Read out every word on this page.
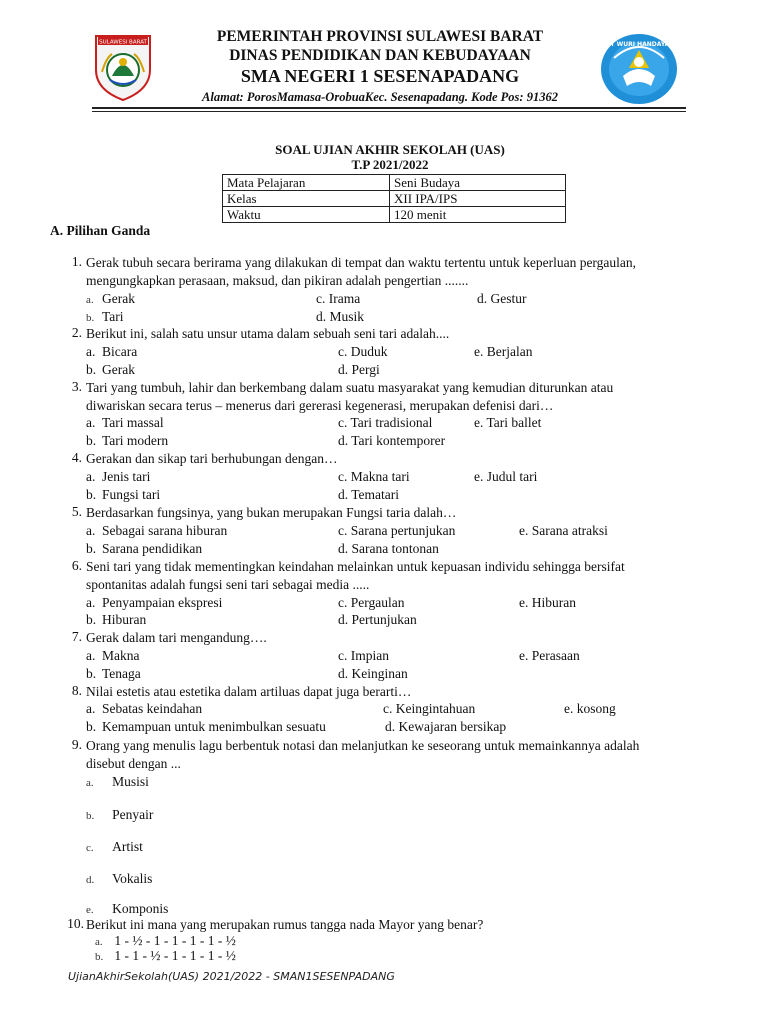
SULAWESI BARAT	TUT WURI HANDAYANI
PEMERINTAH PROVINSI SULAWESI BARAT
DINAS PENDIDIKAN DAN KEBUDAYAAN
SMA NEGERI 1 SESENAPADANG
Alamat: PorosMamasa-OrobuaKec. Sesenapadang. Kode Pos: 91362
SOAL UJIAN AKHIR SEKOLAH (UAS)
T.P 2021/2022
Mata Pelajaran	Seni Budaya
Kelas	XII IPA/IPS
Waktu	120 menit
A. Pilihan Ganda
1. Gerak tubuh secara berirama yang dilakukan di tempat dan waktu tertentu untuk keperluan pergaulan,
mengungkapkan perasaan, maksud, dan pikiran adalah pengertian .......
a. Gerak
b. Tari
c. Irama
d. Musik
d. Gestur
2. Berikut ini, salah satu unsur utama dalam sebuah seni tari adalah....
a. Bicara
b. Gerak
c. Duduk
d. Pergi
e. Berjalan
3. Tari yang tumbuh, lahir dan berkembang dalam suatu masyarakat yang kemudian diturunkan atau
diwariskan secara terus – menerus dari gererasi kegenerasi, merupakan defenisi dari…
a. Tari massal
b. Tari modern
c. Tari tradisional
d. Tari kontemporer
e. Tari ballet
4. Gerakan dan sikap tari berhubungan dengan…
a. Jenis tari
b. Fungsi tari
c. Makna tari
d. Tematari
e. Judul tari
5. Berdasarkan fungsinya, yang bukan merupakan Fungsi taria dalah…
a. Sebagai sarana hiburan
b. Sarana pendidikan
c. Sarana pertunjukan
d. Sarana tontonan
e. Sarana atraksi
6. Seni tari yang tidak mementingkan keindahan melainkan untuk kepuasan individu sehingga bersifat
spontanitas adalah fungsi seni tari sebagai media .....
a. Penyampaian ekspresi
b. Hiburan
c. Pergaulan
d. Pertunjukan
e. Hiburan
7. Gerak dalam tari mengandung….
a. Makna
b. Tenaga
c. Impian
d. Keinginan
e. Perasaan
8. Nilai estetis atau estetika dalam artiluas dapat juga berarti…
a. Sebatas keindahan
b. Kemampuan untuk menimbulkan sesuatu
c. Keingintahuan
d. Kewajaran bersikap
e. kosong
9. Orang yang menulis lagu berbentuk notasi dan melanjutkan ke seseorang untuk memainkannya adalah
disebut dengan ...
a. Musisi
b. Penyair
c. Artist
d. Vokalis
e. Komponis
10. Berikut ini mana yang merupakan rumus tangga nada Mayor yang benar?
a. 1 - ½ - 1 - 1 - 1 - 1 - ½
b. 1 - 1 - ½ - 1 - 1 - 1 - ½
UjianAkhirSekolah(UAS) 2021/2022 - SMAN1SESENPADANG
